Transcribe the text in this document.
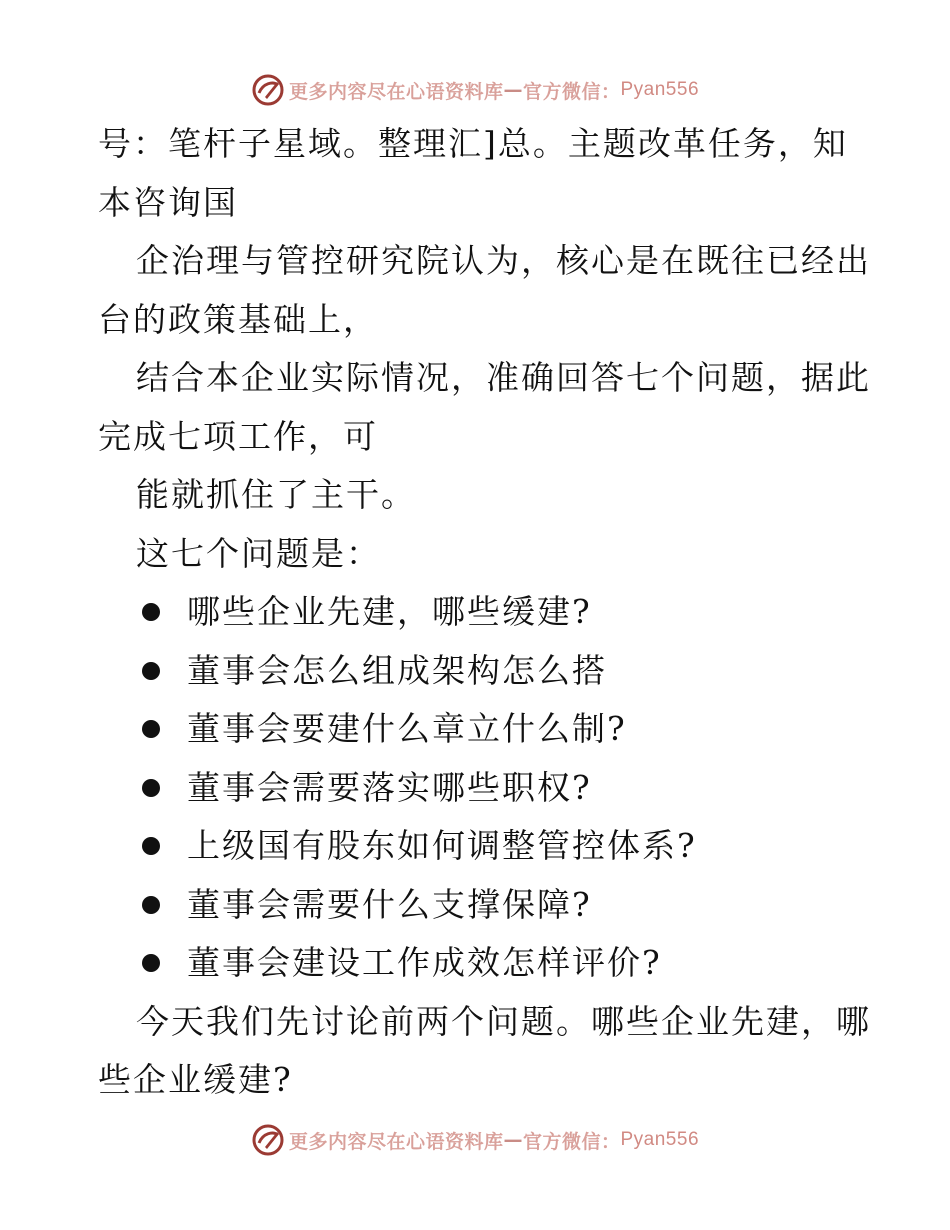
更多内容尽在心语资料库 — 官方微信： Pyan556

号：笔杆子星域。整理汇]总。主题改革任务，知

本咨询国

企治理与管控研究院认为，核心是在既往已经出

台的政策基础上，

结合本企业实际情况，准确回答七个问题，据此

完成七项工作，可

能就抓住了主干。

这七个问题是：

哪些企业先建，哪些缓建?
董事会怎么组成架构怎么搭
董事会要建什么章立什么制?
董事会需要落实哪些职权?
上级国有股东如何调整管控体系?
董事会需要什么支撑保障?
董事会建设工作成效怎样评价?

今天我们先讨论前两个问题。哪些企业先建，哪

些企业缓建?

更多内容尽在心语资料库 — 官方微信： Pyan556
